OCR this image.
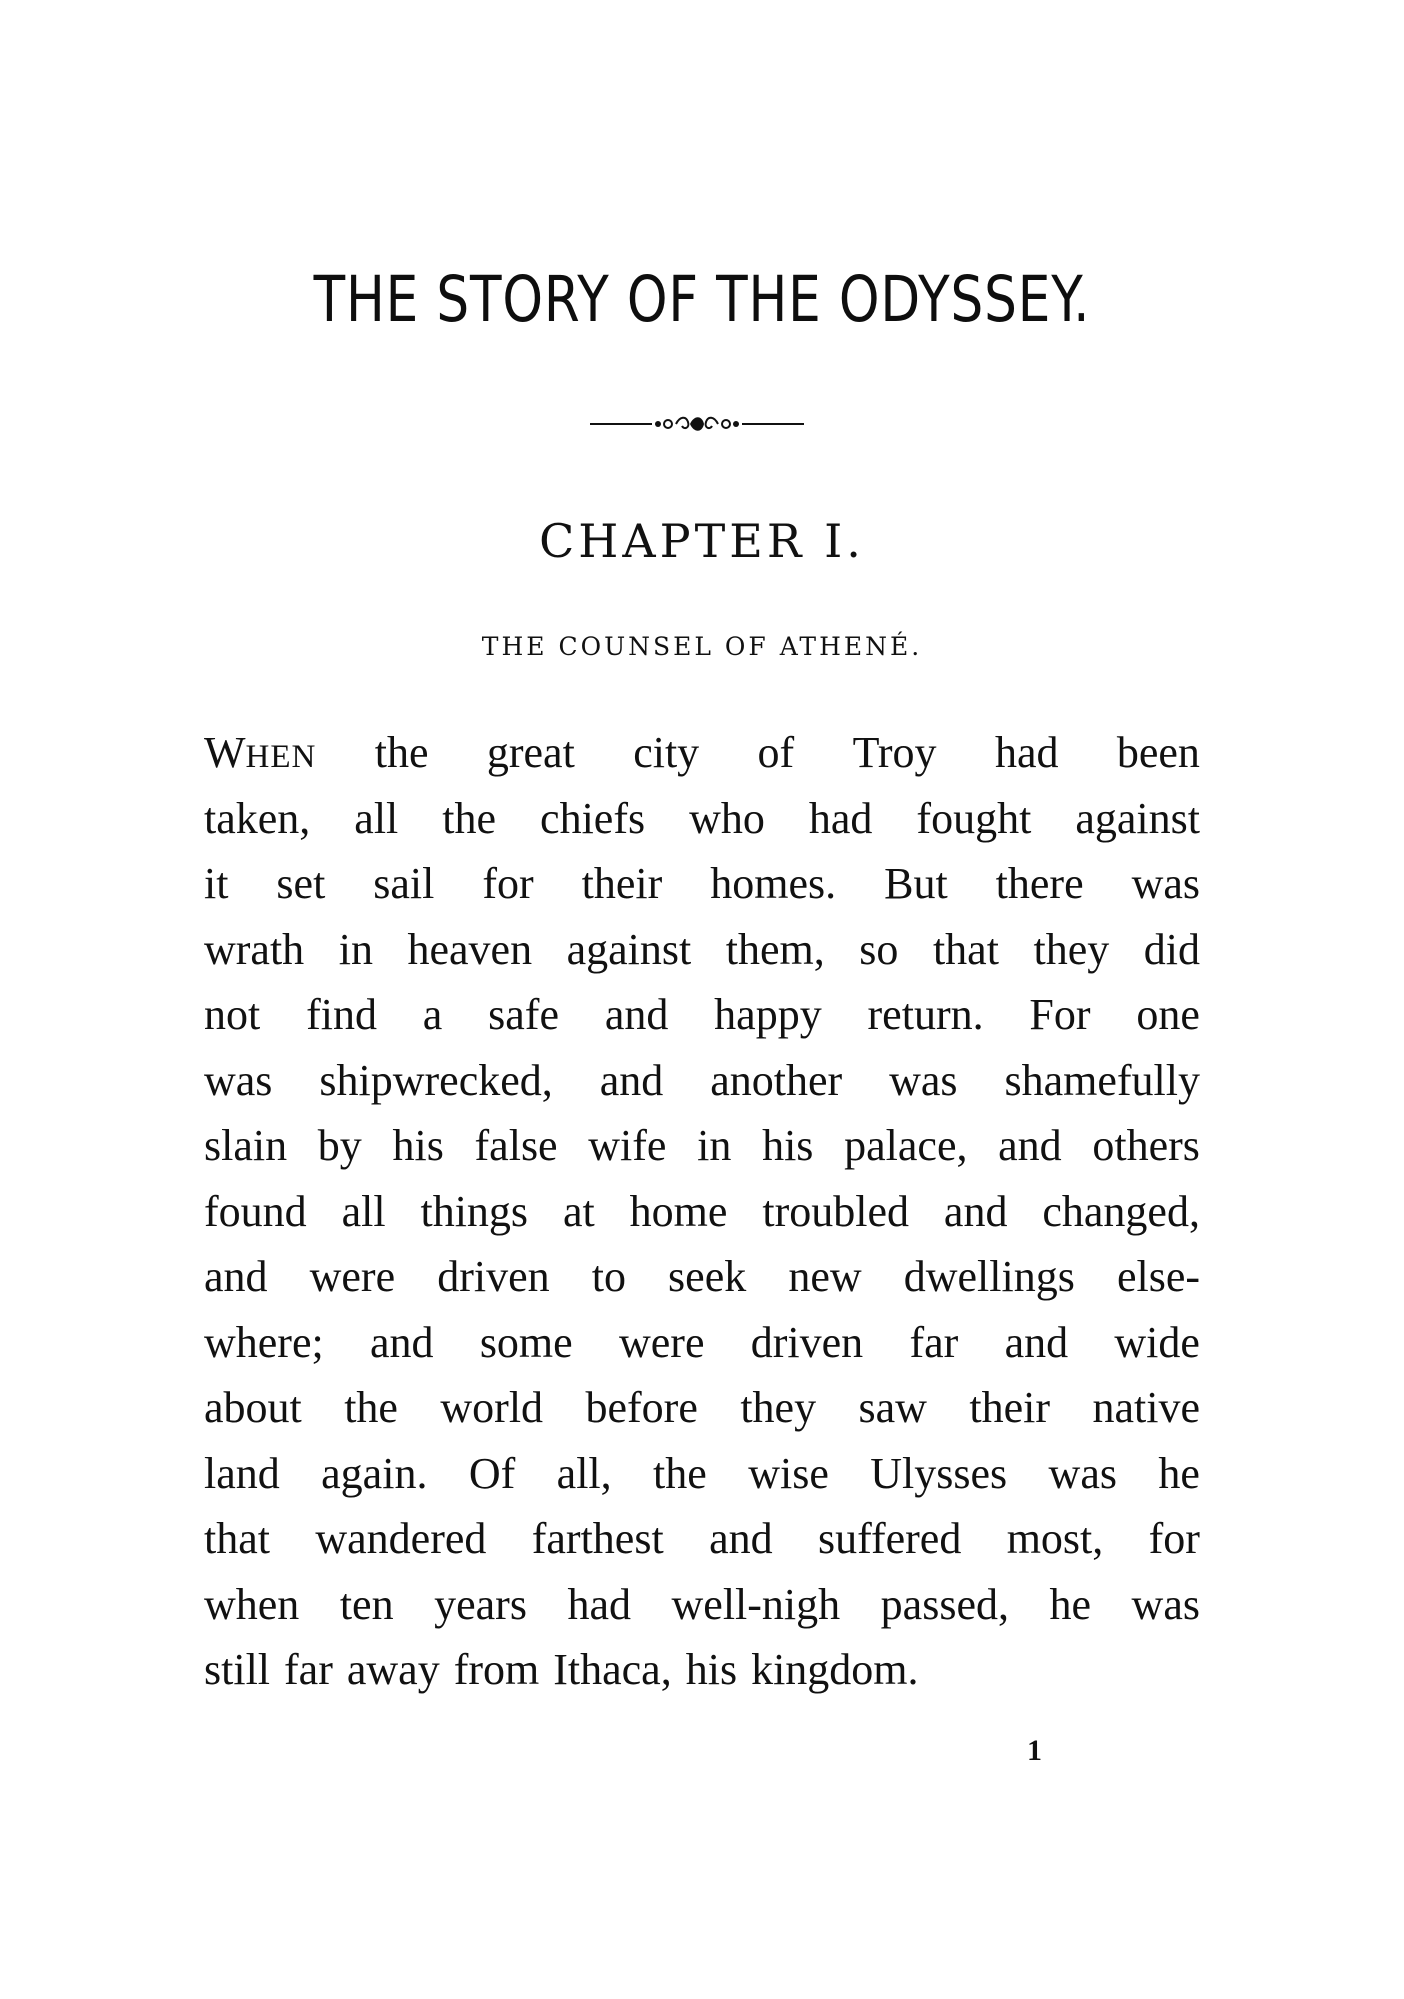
THE STORY OF THE ODYSSEY.
CHAPTER I.
THE COUNSEL OF ATHENÉ.
WHEN the great city of Troy had been
taken, all the chiefs who had fought against
it set sail for their homes. But there was
wrath in heaven against them, so that they did
not find a safe and happy return. For one
was shipwrecked, and another was shamefully
slain by his false wife in his palace, and others
found all things at home troubled and changed,
and were driven to seek new dwellings else-
where; and some were driven far and wide
about the world before they saw their native
land again. Of all, the wise Ulysses was he
that wandered farthest and suffered most, for
when ten years had well-nigh passed, he was
still far away from Ithaca, his kingdom.
1
